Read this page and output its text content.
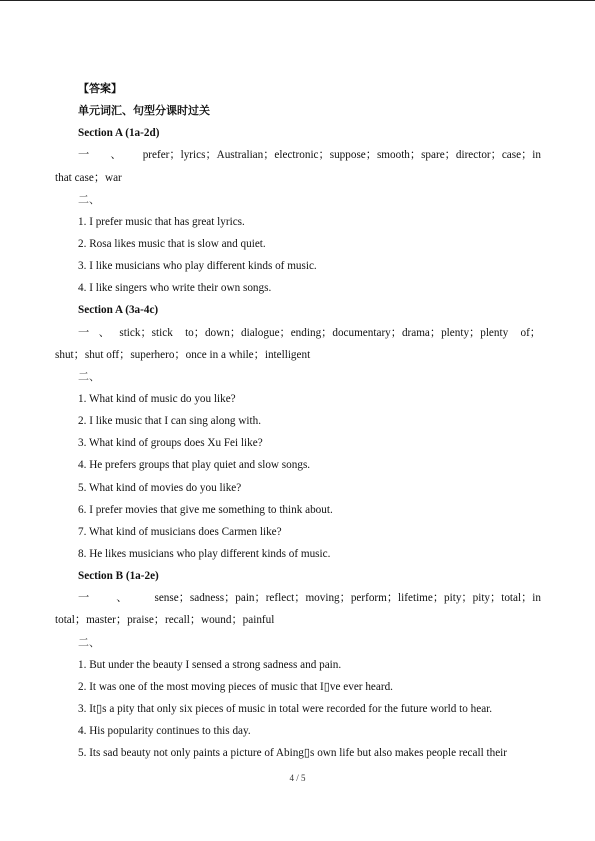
【答案】
单元词汇、句型分课时过关
Section A (1a-2d)
一、prefer；lyrics；Australian；electronic；suppose；smooth；spare；director；case；in
that case；war
二、
1. I prefer music that has great lyrics.
2. Rosa likes music that is slow and quiet.
3. I like musicians who play different kinds of music.
4. I like singers who write their own songs.
Section A (3a-4c)
一、stick；stick to；down；dialogue；ending；documentary；drama；plenty；plenty of；
shut；shut off；superhero；once in a while；intelligent
二、
1. What kind of music do you like?
2. I like music that I can sing along with.
3. What kind of groups does Xu Fei like?
4. He prefers groups that play quiet and slow songs.
5. What kind of movies do you like?
6. I prefer movies that give me something to think about.
7. What kind of musicians does Carmen like?
8. He likes musicians who play different kinds of music.
Section B (1a-2e)
一、sense；sadness；pain；reflect；moving；perform；lifetime；pity；pity；total；in
total；master；praise；recall；wound；painful
二、
1. But under the beauty I sensed a strong sadness and pain.
2. It was one of the most moving pieces of music that I▯ve ever heard.
3. It▯s a pity that only six pieces of music in total were recorded for the future world to hear.
4. His popularity continues to this day.
5. Its sad beauty not only paints a picture of Abing▯s own life but also makes people recall their
4 / 5
